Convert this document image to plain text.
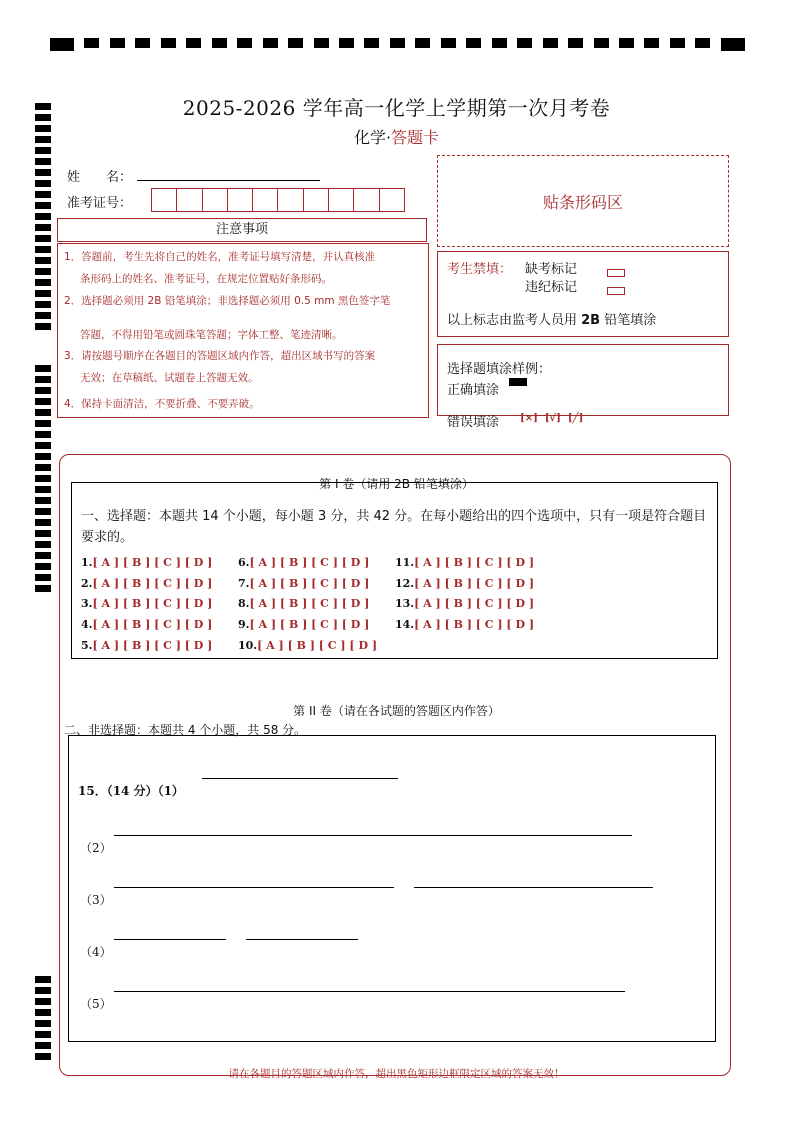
2025-2026 学年高一化学上学期第一次月考卷
化学·答题卡
姓　　名：
准考证号：	贴条形码区
注意事项
1．答题前，考生先将自己的姓名，准考证号填写清楚，并认真核准
条形码上的姓名、准考证号，在规定位置贴好条形码。
2．选择题必须用 2B 铅笔填涂；非选择题必须用 0.5 mm 黑色签字笔
答题，不得用铅笔或圆珠笔答题；字体工整、笔迹清晰。
3．请按题号顺序在各题目的答题区域内作答，超出区域书写的答案
无效；在草稿纸、试题卷上答题无效。
4．保持卡面清洁，不要折叠、不要弄破。
考生禁填： 缺考标记
违纪标记
以上标志由监考人员用 2B 铅笔填涂
选择题填涂样例：
正确填涂
错误填涂 [×] [√] [╱]
第 I 卷（请用 2B 铅笔填涂）
一、选择题：本题共 14 个小题，每小题 3 分，共 42 分。在每小题给出的四个选项中，只有一项是符合题目要求的。
1.[ A ] [ B ] [ C ] [ D ]
2.[ A ] [ B ] [ C ] [ D ]
3.[ A ] [ B ] [ C ] [ D ]
4.[ A ] [ B ] [ C ] [ D ]
5.[ A ] [ B ] [ C ] [ D ]
6.[ A ] [ B ] [ C ] [ D ]
7.[ A ] [ B ] [ C ] [ D ]
8.[ A ] [ B ] [ C ] [ D ]
9.[ A ] [ B ] [ C ] [ D ]
10.[ A ] [ B ] [ C ] [ D ]
11.[ A ] [ B ] [ C ] [ D ]
12.[ A ] [ B ] [ C ] [ D ]
13.[ A ] [ B ] [ C ] [ D ]
14.[ A ] [ B ] [ C ] [ D ]
第 II 卷（请在各试题的答题区内作答）
二、非选择题：本题共 4 个小题，共 58 分。
15．（14 分）（1）
（2）
（3）
（4）
（5）
请在各题目的答题区域内作答，超出黑色矩形边框限定区域的答案无效！
